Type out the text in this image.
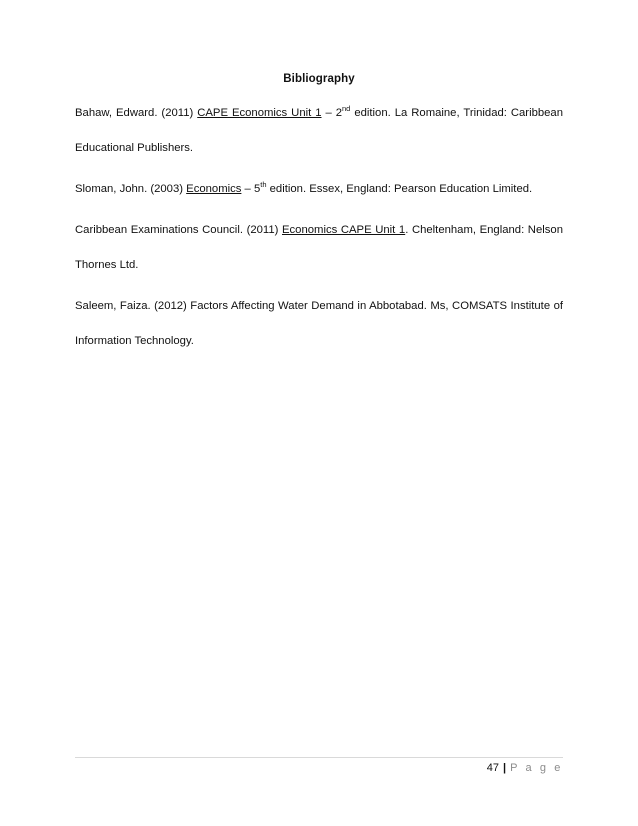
Bibliography

Bahaw, Edward. (2011) CAPE Economics Unit 1 – 2nd edition. La Romaine, Trinidad: Caribbean Educational Publishers.

Sloman, John. (2003) Economics – 5th edition. Essex, England: Pearson Education Limited.

Caribbean Examinations Council. (2011) Economics CAPE Unit 1. Cheltenham, England: Nelson Thornes Ltd.

Saleem, Faiza. (2012) Factors Affecting Water Demand in Abbotabad. Ms, COMSATS Institute of Information Technology.

47 | P a g e
